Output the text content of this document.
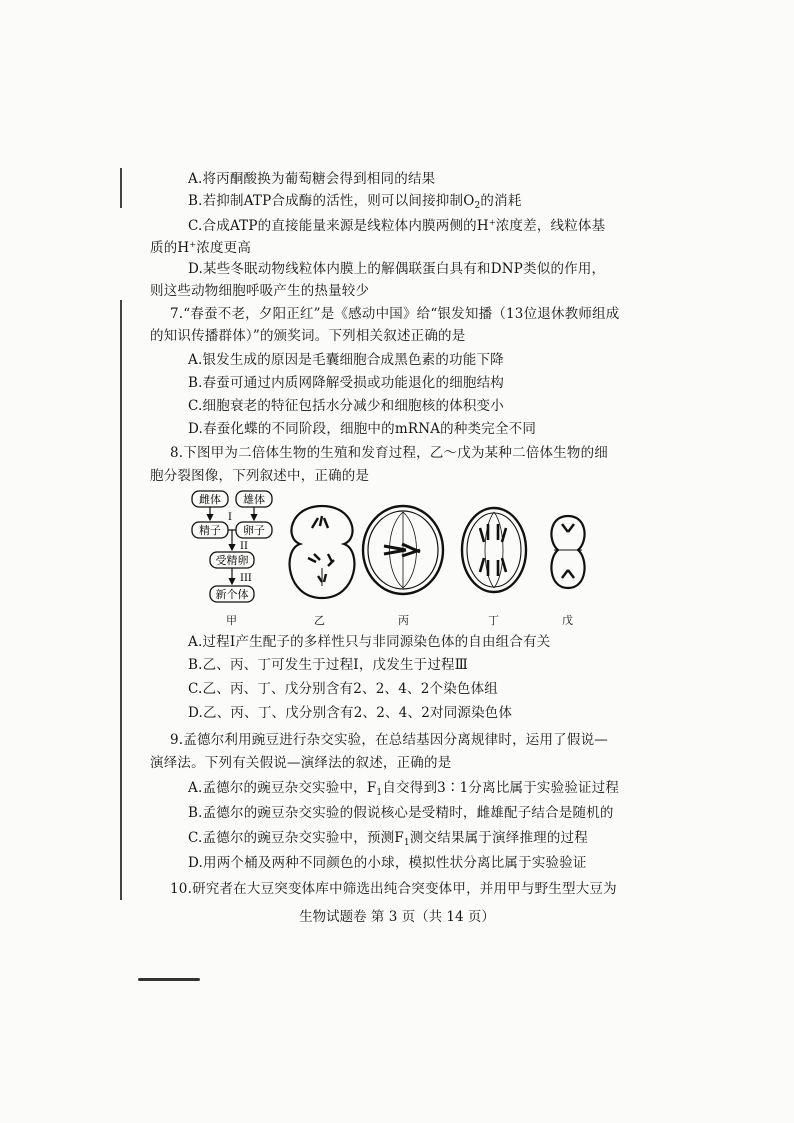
A.将丙酮酸换为葡萄糖会得到相同的结果
B.若抑制ATP合成酶的活性，则可以间接抑制$O_2$的消耗
C.合成ATP的直接能量来源是线粒体内膜两侧的H+浓度差，线粒体基
质的H+浓度更高
D.某些冬眠动物线粒体内膜上的解偶联蛋白具有和DNP类似的作用，
则这些动物细胞呼吸产生的热量较少
7.“春蚕不老，夕阳正红”是《感动中国》给“银发知播（13位退休教师组成
的知识传播群体）”的颁奖词。下列相关叙述正确的是
A.银发生成的原因是毛囊细胞合成黑色素的功能下降
B.春蚕可通过内质网降解受损或功能退化的细胞结构
C.细胞衰老的特征包括水分减少和细胞核的体积变小
D.春蚕化蝶的不同阶段，细胞中的mRNA的种类完全不同
8.下图甲为二倍体生物的生殖和发育过程，乙～戊为某种二倍体生物的细
胞分裂图像，下列叙述中，正确的是
雌体 雄体
I
精子 卵子
II
受精卵
III
新个体
甲	乙	丙	丁	戊
A.过程Ⅰ产生配子的多样性只与非同源染色体的自由组合有关
B.乙、丙、丁可发生于过程Ⅰ，戊发生于过程Ⅲ
C.乙、丙、丁、戊分别含有2、2、4、2个染色体组
D.乙、丙、丁、戊分别含有2、2、4、2对同源染色体
9.孟德尔利用豌豆进行杂交实验，在总结基因分离规律时，运用了假说—
演绎法。下列有关假说—演绎法的叙述，正确的是
A.孟德尔的豌豆杂交实验中，$F_1$自交得到3∶1分离比属于实验验证过程
B.孟德尔的豌豆杂交实验的假说核心是受精时，雌雄配子结合是随机的
C.孟德尔的豌豆杂交实验中，预测$F_1$测交结果属于演绎推理的过程
D.用两个桶及两种不同颜色的小球，模拟性状分离比属于实验验证
10.研究者在大豆突变体库中筛选出纯合突变体甲，并用甲与野生型大豆为
生物试题卷 第 3 页（共 14 页）
